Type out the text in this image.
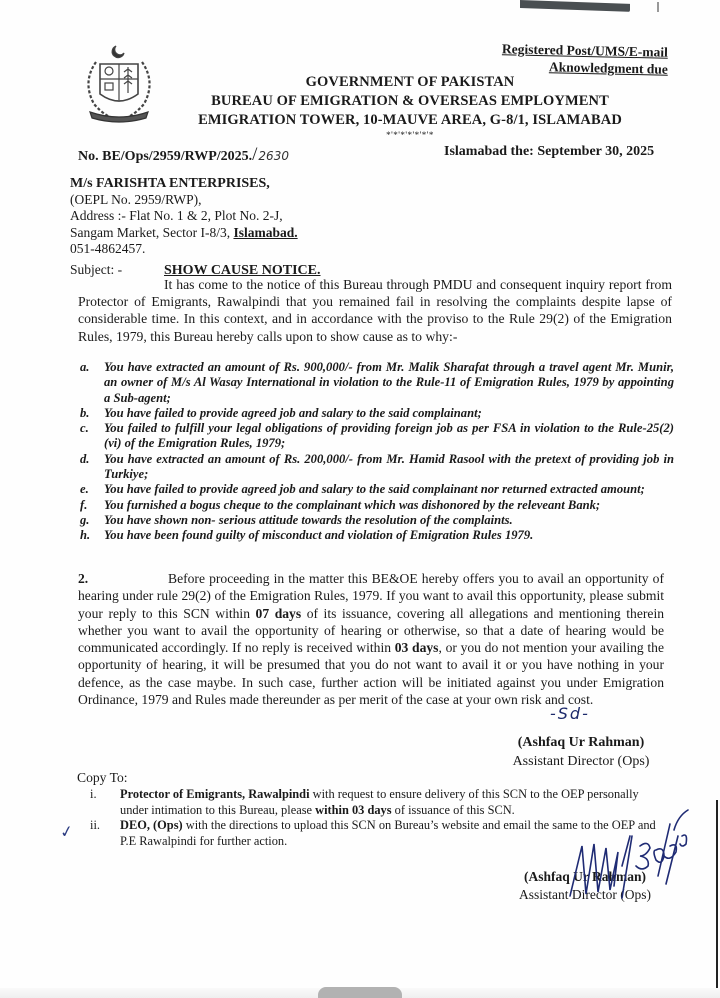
Registered Post/UMS/E-mail
Aknowledgment due
GOVERNMENT OF PAKISTAN
BUREAU OF EMIGRATION & OVERSEAS EMPLOYMENT
EMIGRATION TOWER, 10-MAUVE AREA, G-8/1, ISLAMABAD
*'*'*'*'*'*'*
No. BE/Ops/2959/RWP/2025./2630	Islamabad the: September 30, 2025
M/s FARISHTA ENTERPRISES,
(OEPL No. 2959/RWP),
Address :- Flat No. 1 & 2, Plot No. 2-J,
Sangam Market, Sector I-8/3, Islamabad.
051-4862457.
Subject: -	SHOW CAUSE NOTICE.
It has come to the notice of this Bureau through PMDU and consequent inquiry report from Protector of Emigrants, Rawalpindi that you remained fail in resolving the complaints despite lapse of considerable time. In this context, and in accordance with the proviso to the Rule 29(2) of the Emigration Rules, 1979, this Bureau hereby calls upon to show cause as to why:-
a.	You have extracted an amount of Rs. 900,000/- from Mr. Malik Sharafat through a travel agent Mr. Munir, an owner of M/s Al Wasay International in violation to the Rule-11 of Emigration Rules, 1979 by appointing a Sub-agent;
b.	You have failed to provide agreed job and salary to the said complainant;
c.	You failed to fulfill your legal obligations of providing foreign job as per FSA in violation to the Rule-25(2)(vi) of the Emigration Rules, 1979;
d.	You have extracted an amount of Rs. 200,000/- from Mr. Hamid Rasool with the pretext of providing job in Turkiye;
e.	You have failed to provide agreed job and salary to the said complainant nor returned extracted amount;
f.	You furnished a bogus cheque to the complainant which was dishonored by the releveant Bank;
g.	You have shown non- serious attitude towards the resolution of the complaints.
h.	You have been found guilty of misconduct and violation of Emigration Rules 1979.
2.	Before proceeding in the matter this BE&OE hereby offers you to avail an opportunity of hearing under rule 29(2) of the Emigration Rules, 1979. If you want to avail this opportunity, please submit your reply to this SCN within 07 days of its issuance, covering all allegations and mentioning therein whether you want to avail the opportunity of hearing or otherwise, so that a date of hearing would be communicated accordingly. If no reply is received within 03 days, or you do not mention your availing the opportunity of hearing, it will be presumed that you do not want to avail it or you have nothing in your defence, as the case maybe. In such case, further action will be initiated against you under Emigration Ordinance, 1979 and Rules made thereunder as per merit of the case at your own risk and cost.
-Sd-
(Ashfaq Ur Rahman)
Assistant Director (Ops)
Copy To:
✓
i.	Protector of Emigrants, Rawalpindi with request to ensure delivery of this SCN to the OEP personally under intimation to this Bureau, please within 03 days of issuance of this SCN.
ii.	DEO, (Ops) with the directions to upload this SCN on Bureau’s website and email the same to the OEP and P.E Rawalpindi for further action.
(Ashfaq Ur Rahman)
Assistant Director (Ops)
